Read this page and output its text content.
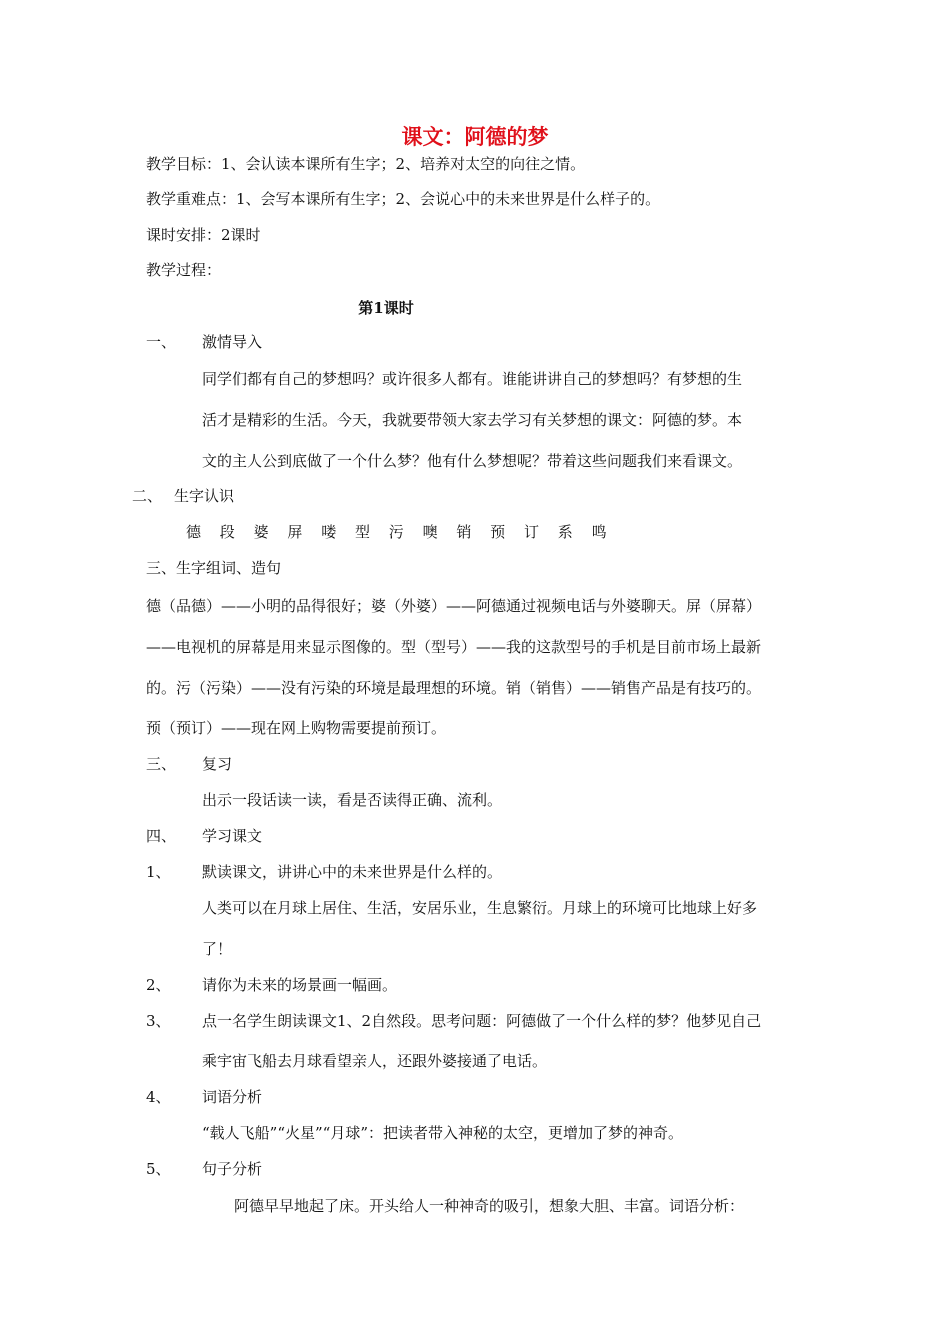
课文：阿德的梦
教学目标：1、会认读本课所有生字；2、培养对太空的向往之情。
教学重难点：1、会写本课所有生字；2、会说心中的未来世界是什么样子的。
课时安排：2课时
教学过程：
第1课时
一、 激情导入
同学们都有自己的梦想吗？或许很多人都有。谁能讲讲自己的梦想吗？有梦想的生
活才是精彩的生活。今天，我就要带领大家去学习有关梦想的课文：阿德的梦。本
文的主人公到底做了一个什么梦？他有什么梦想呢？带着这些问题我们来看课文。
二、 生字认识
德	段	婆	屏	喽	型	污	噢	销	预	订	系	鸣
三、生字组词、造句
德（品德）——小明的品得很好；婆（外婆）——阿德通过视频电话与外婆聊天。屏（屏幕）
——电视机的屏幕是用来显示图像的。型（型号）——我的这款型号的手机是目前市场上最新
的。污（污染）——没有污染的环境是最理想的环境。销（销售）——销售产品是有技巧的。
预（预订）——现在网上购物需要提前预订。
三、 复习
出示一段话读一读，看是否读得正确、流利。
四、 学习课文
1、 默读课文，讲讲心中的未来世界是什么样的。
人类可以在月球上居住、生活，安居乐业，生息繁衍。月球上的环境可比地球上好多
了！
2、 请你为未来的场景画一幅画。
3、 点一名学生朗读课文1、2自然段。思考问题：阿德做了一个什么样的梦？他梦见自己
乘宇宙飞船去月球看望亲人，还跟外婆接通了电话。
4、 词语分析
“载人飞船”“火星”“月球”：把读者带入神秘的太空，更增加了梦的神奇。
5、 句子分析
阿德早早地起了床。开头给人一种神奇的吸引，想象大胆、丰富。词语分析：
